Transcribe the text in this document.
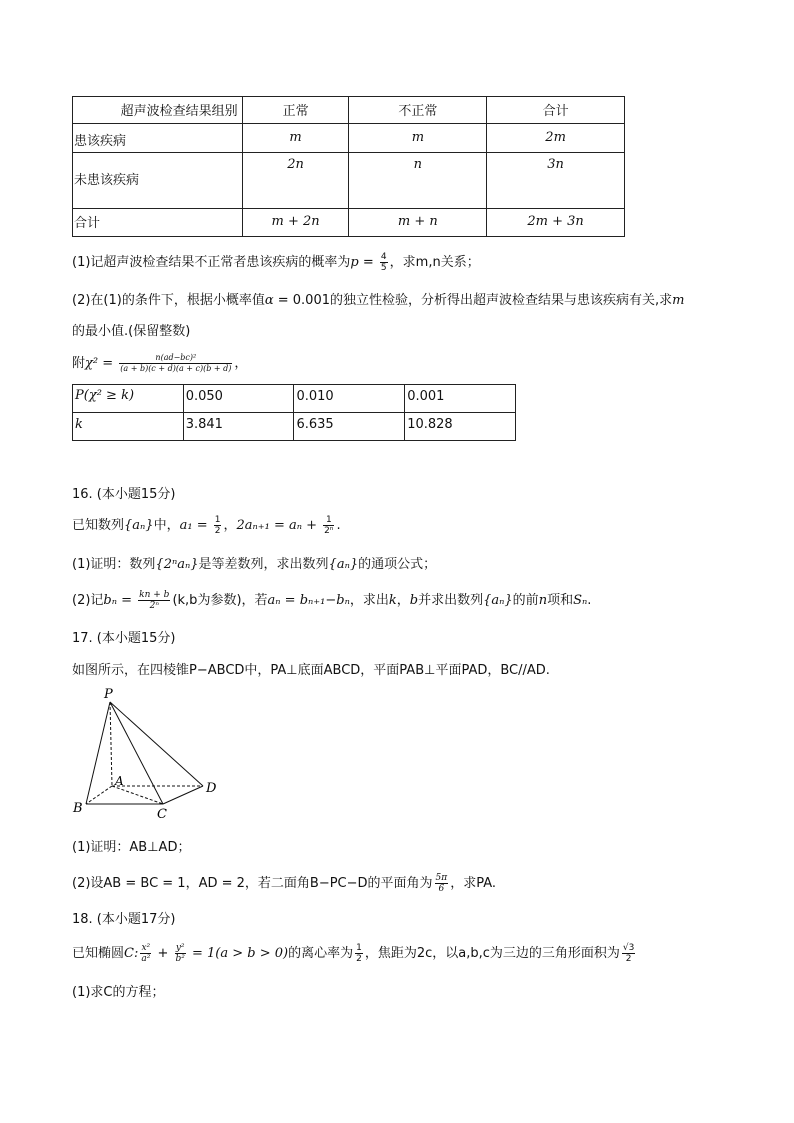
超声波检查结果组别	正常	不正常	合计
患该疾病	m	m	2m
未患该疾病	2n	n	3n
合计	m + 2n	m + n	2m + 3n
(1)记超声波检查结果不正常者患该疾病的概率为$p = \frac{4}{5}$ ，求m,n关系；
(2)在(1)的条件下，根据小概率值α = 0.001的独立性检验，分析得出超声波检查结果与患该疾病有关,求m
的最小值.(保留整数)
附$\chi^2 = \frac{\text{n(ad−bc)²}}{(a + b)(c + d)(a + c)(b + d)}$ ，
P(χ² ≥ k)	0.050	0.010	0.001
k	3.841	6.635	10.828
16. (本小题15分)
已知数列{aₙ}中，$a_1 = \frac{1}{2}$ ，$2a_{n+1} = a_n + \frac{1}{\text{2ⁿ}}$ .
(1)证明：数列{2ⁿaₙ}是等差数列，求出数列{aₙ}的通项公式；
(2)记$b_n = \frac{kn + b}{\text{2ⁿ}} (k,b$为参数)，若aₙ = bₙ₊₁−bₙ，求出k，b并求出数列{aₙ}的前n项和Sₙ.
17. (本小题15分)
如图所示，在四棱锥P−ABCD中，PA⊥底面ABCD，平面PAB⊥平面PAD，BC//AD.
P
A
B	C
D
(1)证明：AB⊥AD；
(2)设AB = BC = 1，AD = 2，若二面角B−PC−D的平面角为 $\frac{5\pi}{6}$ ，求PA.
18. (本小题17分)
已知椭圆C: $\frac{\text{x²}}{\text{a²}} + \frac{\text{y²}}{\text{b²}} = 1(a > b > 0)$的离心率为 $\frac{1}{2}$ ，焦距为2c，以a,b,c为三边的三角形面积为 $\frac{√3}{2}$
(1)求C的方程；
